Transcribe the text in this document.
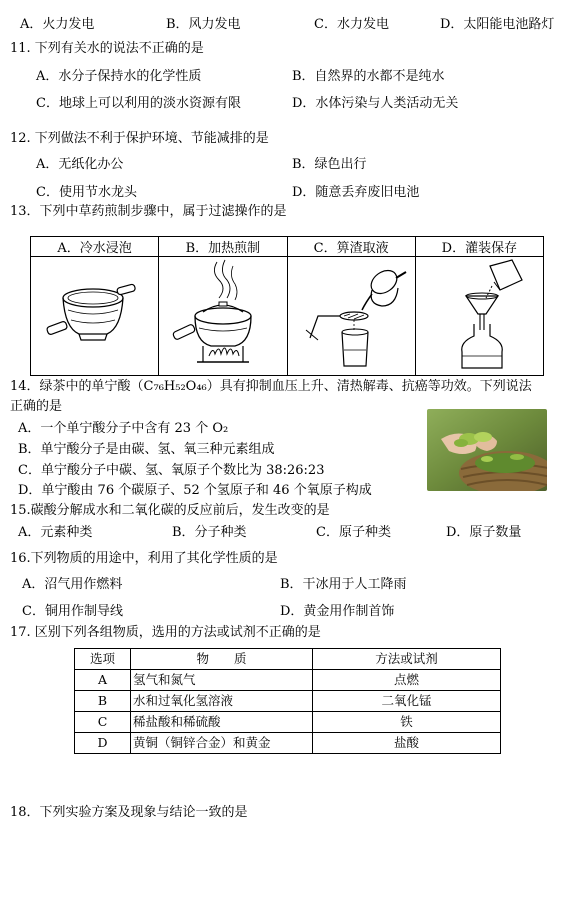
A．火力发电	B．风力发电	C．水力发电	D．太阳能电池路灯
11. 下列有关水的说法不正确的是
A．水分子保持水的化学性质	B．自然界的水都不是纯水
C．地球上可以利用的淡水资源有限	D．水体污染与人类活动无关
12. 下列做法不利于保护环境、节能减排的是
A．无纸化办公	B．绿色出行
C．使用节水龙头	D．随意丢弃废旧电池
13．下列中草药煎制步骤中，属于过滤操作的是
A．冷水浸泡	B．加热煎制	C．箅渣取液	D．灌装保存

14．绿茶中的单宁酸（C₇₆H₅₂O₄₆）具有抑制血压上升、清热解毒、抗癌等功效。下列说法
正确的是
A．一个单宁酸分子中含有 23 个 O₂
B．单宁酸分子是由碳、氢、氧三种元素组成
C．单宁酸分子中碳、氢、氧原子个数比为 38:26:23
D．单宁酸由 76 个碳原子、52 个氢原子和 46 个氧原子构成
15.碳酸分解成水和二氧化碳的反应前后，发生改变的是
A．元素种类	B．分子种类	C．原子种类	D．原子数量
16.下列物质的用途中，利用了其化学性质的是
A．沼气用作燃料	B．干冰用于人工降雨
C．铜用作制导线	D．黄金用作制首饰
17. 区别下列各组物质，选用的方法或试剂不正确的是
选项	物　　质	方法或试剂
A	氢气和氮气	点燃
B	水和过氧化氢溶液	二氧化锰
C	稀盐酸和稀硫酸	铁
D	黄铜（铜锌合金）和黄金	盐酸
18．下列实验方案及现象与结论一致的是
